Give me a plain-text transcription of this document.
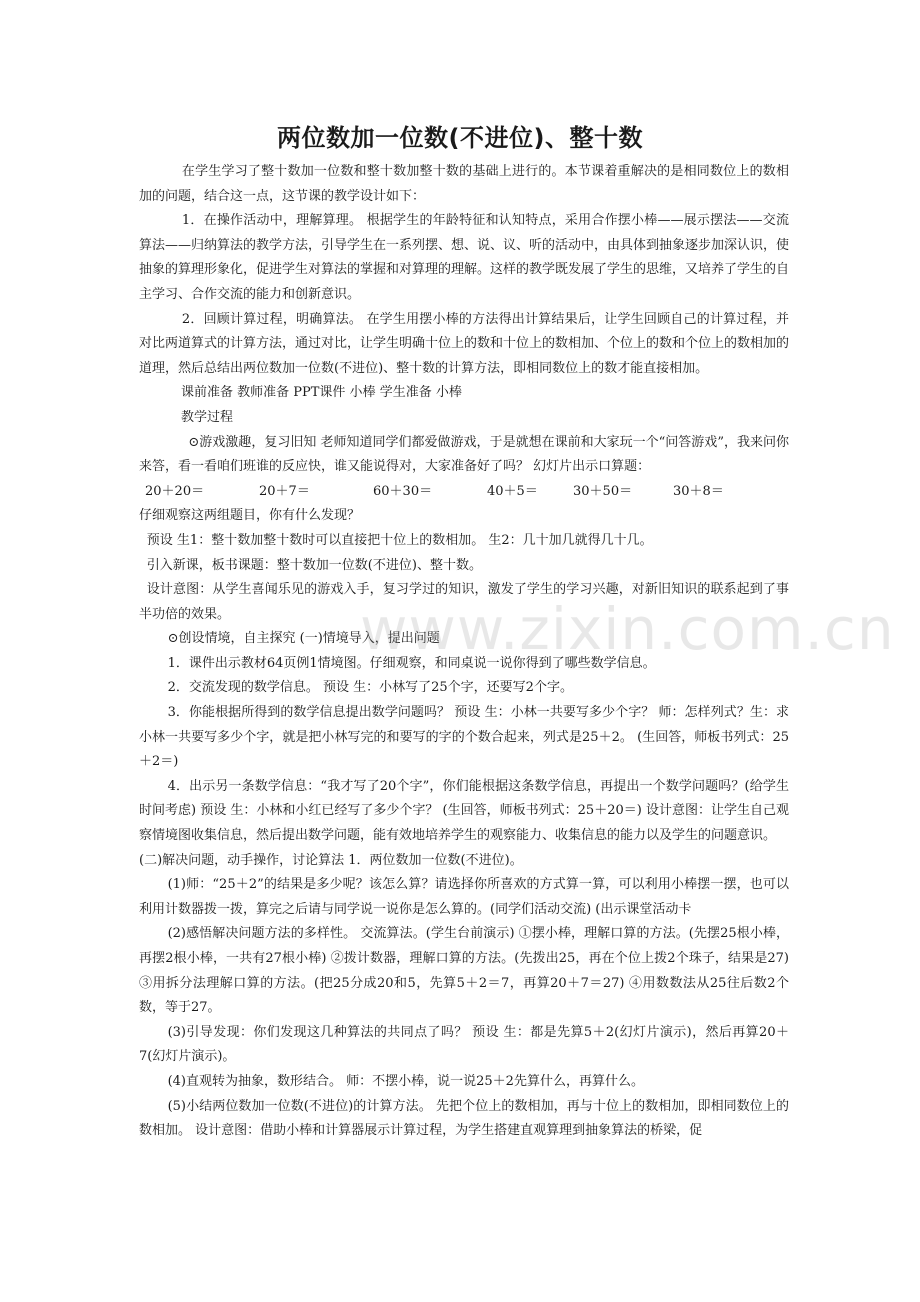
两位数加一位数(不进位)、整十数

在学生学习了整十数加一位数和整十数加整十数的基础上进行的。本节课着重解决的是相同数位上的数相加的问题，结合这一点，这节课的教学设计如下：

1．在操作活动中，理解算理。 根据学生的年龄特征和认知特点，采用合作摆小棒——展示摆法——交流算法——归纳算法的教学方法，引导学生在一系列摆、想、说、议、听的活动中，由具体到抽象逐步加深认识，使抽象的算理形象化，促进学生对算法的掌握和对算理的理解。这样的教学既发展了学生的思维，又培养了学生的自主学习、合作交流的能力和创新意识。

2．回顾计算过程，明确算法。 在学生用摆小棒的方法得出计算结果后，让学生回顾自己的计算过程，并对比两道算式的计算方法，通过对比，让学生明确十位上的数和十位上的数相加、个位上的数和个位上的数相加的道理，然后总结出两位数加一位数(不进位)、整十数的计算方法，即相同数位上的数才能直接相加。

课前准备 教师准备 PPT课件 小棒 学生准备 小棒

教学过程

⊙游戏激趣，复习旧知 老师知道同学们都爱做游戏，于是就想在课前和大家玩一个“问答游戏”，我来问你来答，看一看咱们班谁的反应快，谁又能说得对，大家准备好了吗？ 幻灯片出示口算题：

20＋20＝	20＋7＝	60＋30＝	40＋5＝	30＋50＝	30＋8＝

仔细观察这两组题目，你有什么发现？

预设 生1：整十数加整十数时可以直接把十位上的数相加。 生2：几十加几就得几十几。

引入新课，板书课题：整十数加一位数(不进位)、整十数。

设计意图：从学生喜闻乐见的游戏入手，复习学过的知识，激发了学生的学习兴趣，对新旧知识的联系起到了事半功倍的效果。

⊙创设情境，自主探究 (一)情境导入，提出问题

1．课件出示教材64页例1情境图。仔细观察，和同桌说一说你得到了哪些数学信息。

2．交流发现的数学信息。 预设 生：小林写了25个字，还要写2个字。

3．你能根据所得到的数学信息提出数学问题吗？ 预设 生：小林一共要写多少个字？ 师：怎样列式？生：求小林一共要写多少个字，就是把小林写完的和要写的字的个数合起来，列式是25＋2。 (生回答，师板书列式：25＋2＝)

4．出示另一条数学信息：“我才写了20个字”，你们能根据这条数学信息，再提出一个数学问题吗？(给学生时间考虑) 预设 生：小林和小红已经写了多少个字？ (生回答，师板书列式：25＋20＝) 设计意图：让学生自己观察情境图收集信息，然后提出数学问题，能有效地培养学生的观察能力、收集信息的能力以及学生的问题意识。

(二)解决问题，动手操作，讨论算法 1．两位数加一位数(不进位)。

(1)师：“25＋2”的结果是多少呢？该怎么算？请选择你所喜欢的方式算一算，可以利用小棒摆一摆，也可以利用计数器拨一拨，算完之后请与同学说一说你是怎么算的。(同学们活动交流) (出示课堂活动卡

(2)感悟解决问题方法的多样性。 交流算法。(学生台前演示) ①摆小棒，理解口算的方法。(先摆25根小棒，再摆2根小棒，一共有27根小棒) ②拨计数器，理解口算的方法。(先拨出25，再在个位上拨2个珠子，结果是27) ③用拆分法理解口算的方法。(把25分成20和5，先算5＋2＝7，再算20＋7＝27) ④用数数法从25往后数2个数，等于27。

(3)引导发现：你们发现这几种算法的共同点了吗？ 预设 生：都是先算5＋2(幻灯片演示)，然后再算20＋7(幻灯片演示)。

(4)直观转为抽象，数形结合。 师：不摆小棒，说一说25＋2先算什么，再算什么。

(5)小结两位数加一位数(不进位)的计算方法。 先把个位上的数相加，再与十位上的数相加，即相同数位上的数相加。 设计意图：借助小棒和计算器展示计算过程，为学生搭建直观算理到抽象算法的桥梁，促

www.zixin.com.cn
